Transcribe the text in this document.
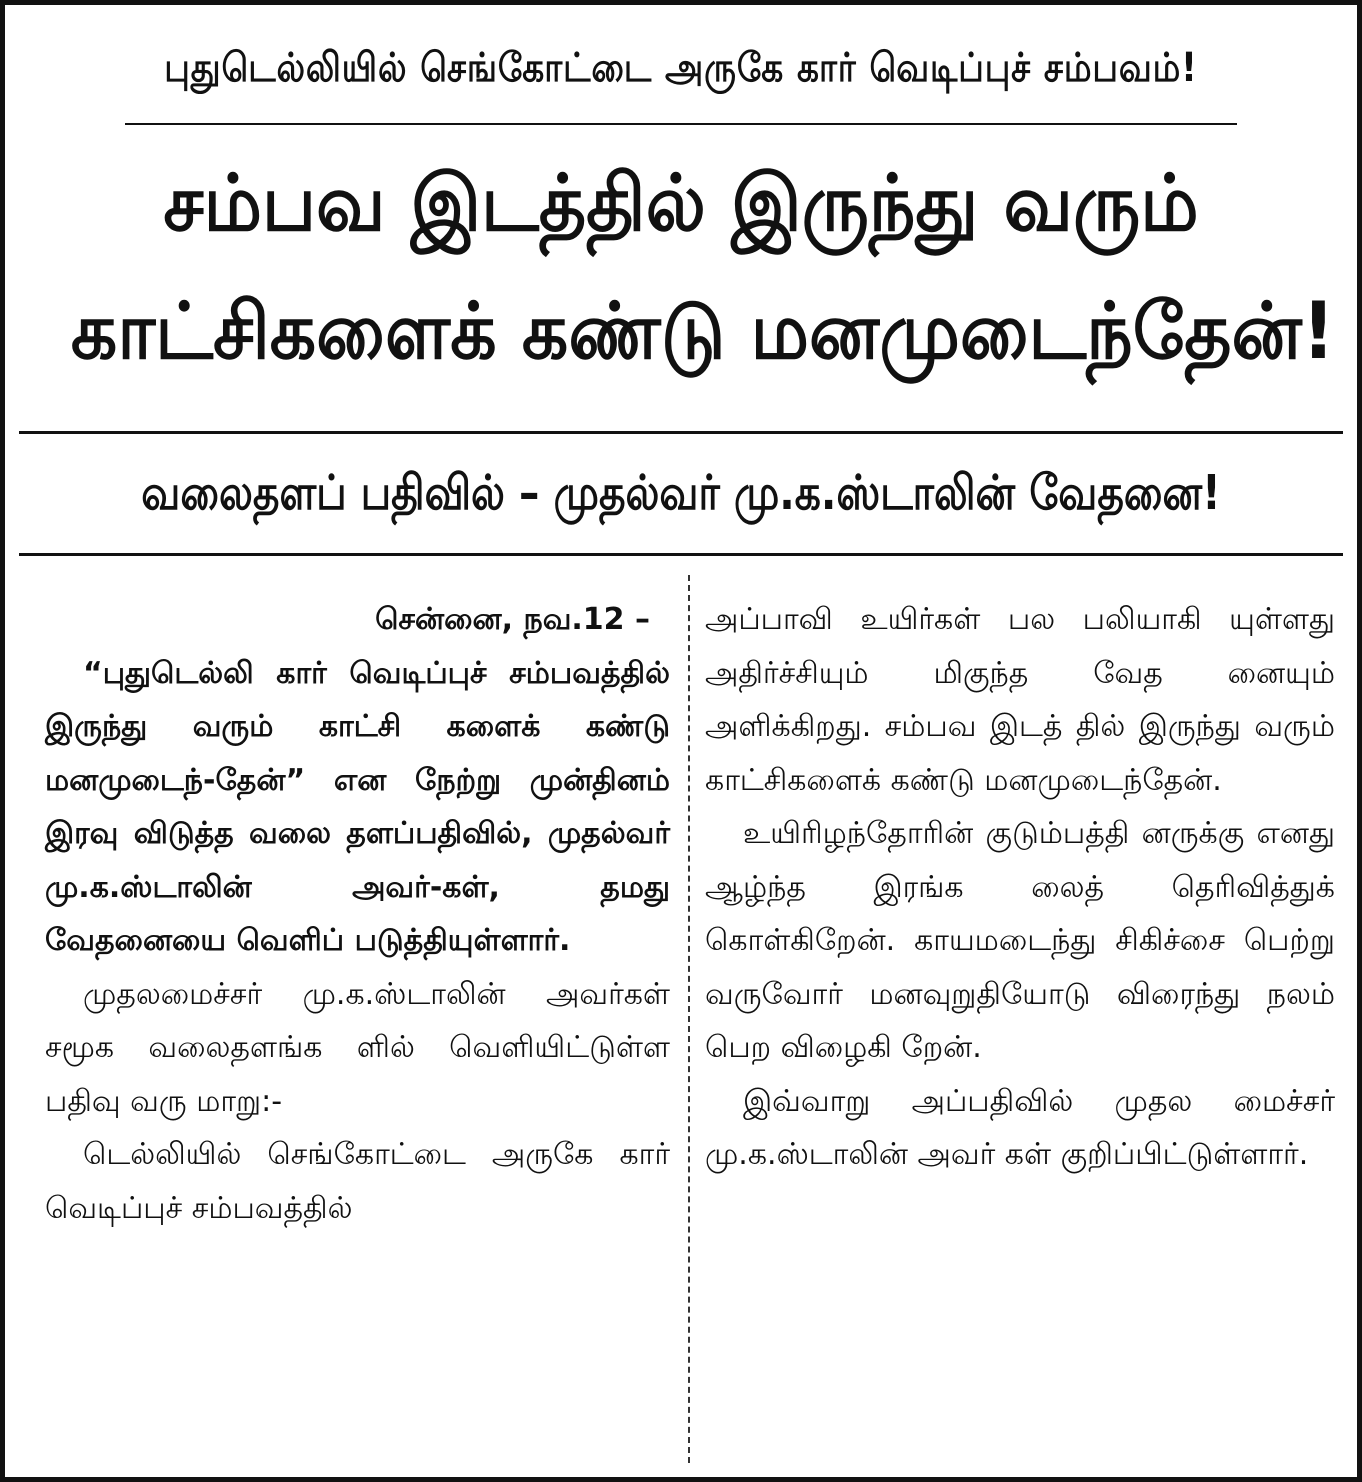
புதுடெல்லியில் செங்கோட்டை அருகே கார் வெடிப்புச் சம்பவம்!
சம்பவ இடத்தில் இருந்து வரும்
காட்சிகளைக் கண்டு மனமுடைந்தேன்!
வலைதளப் பதிவில் – முதல்வர் மு.க.ஸ்டாலின் வேதனை!

சென்னை, நவ.12 –

“புதுடெல்லி கார் வெடிப்புச் சம்பவத்தில் இருந்து வரும் காட்சி களைக் கண்டு மனமுடைந்-தேன்” என நேற்று முன்தினம் இரவு விடுத்த வலை தளப்பதிவில், முதல்வர் மு.க.ஸ்டாலின் அவர்-கள், தமது வேதனையை வெளிப் படுத்தியுள்ளார்.

முதலமைச்சர் மு.க.ஸ்டாலின் அவர்கள் சமூக வலைதளங்க ளில் வெளியிட்டுள்ள பதிவு வரு மாறு:-

டெல்லியில் செங்கோட்டை அருகே கார் வெடிப்புச் சம்பவத்தில்

அப்பாவி உயிர்கள் பல பலியாகி யுள்ளது அதிர்ச்சியும் மிகுந்த வேத னையும் அளிக்கிறது. சம்பவ இடத் தில் இருந்து வரும் காட்சிகளைக் கண்டு மனமுடைந்தேன்.

உயிரிழந்தோரின் குடும்பத்தி னருக்கு எனது ஆழ்ந்த இரங்க லைத் தெரிவித்துக் கொள்கிறேன். காயமடைந்து சிகிச்சை பெற்று வருவோர் மனவுறுதியோடு விரைந்து நலம் பெற விழைகி றேன்.

இவ்வாறு அப்பதிவில் முதல மைச்சர் மு.க.ஸ்டாலின் அவர் கள் குறிப்பிட்டுள்ளார்.
